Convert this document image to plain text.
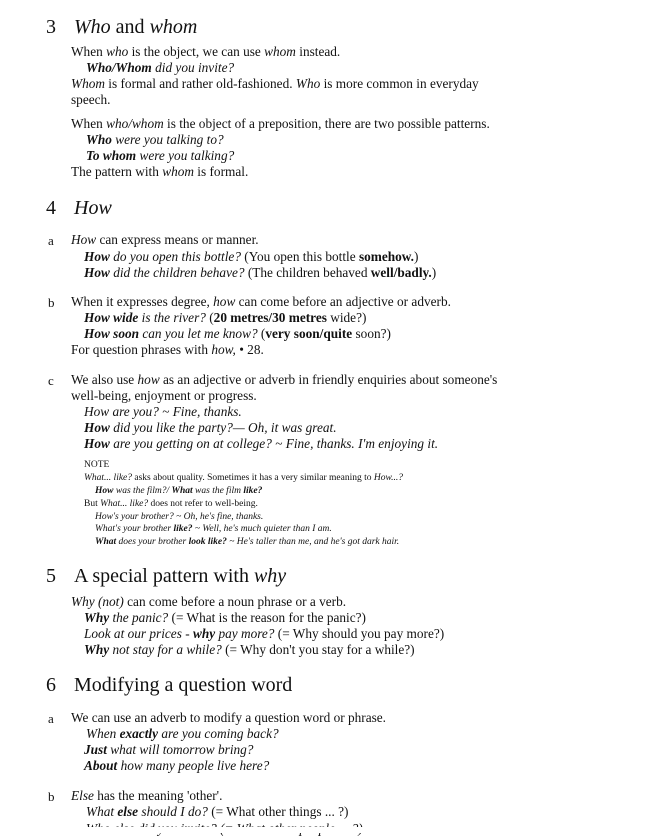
3 Who and whom
When who is the object, we can use whom instead.
Who/Whom did you invite?
Whom is formal and rather old-fashioned. Who is more common in everyday
speech.
When who/whom is the object of a preposition, there are two possible patterns.
Who were you talking to?
To whom were you talking?
The pattern with whom is formal.
4 How
a How can express means or manner.
How do you open this bottle? (You open this bottle somehow.)
How did the children behave? (The children behaved well/badly.)
b When it expresses degree, how can come before an adjective or adverb.
How wide is the river? (20 metres/30 metres wide?)
How soon can you let me know? (very soon/quite soon?)
For question phrases with how, • 28.
c We also use how as an adjective or adverb in friendly enquiries about someone's
well-being, enjoyment or progress.
How are you? ~ Fine, thanks.
How did you like the party?— Oh, it was great.
How are you getting on at college? ~ Fine, thanks. I'm enjoying it.
NOTE
What... like? asks about quality. Sometimes it has a very similar meaning to How...?
How was the film?/ What was the film like?
But What... like? does not refer to well-being.
How's your brother? ~ Oh, he's fine, thanks.
What's your brother like? ~ Well, he's much quieter than I am.
What does your brother look like? ~ He's taller than me, and he's got dark hair.
5 A special pattern with why
Why (not) can come before a noun phrase or a verb.
Why the panic? (= What is the reason for the panic?)
Look at our prices - why pay more? (= Why should you pay more?)
Why not stay for a while? (= Why don't you stay for a while?)
6 Modifying a question word
a We can use an adverb to modify a question word or phrase.
When exactly are you coming back?
Just what will tomorrow bring?
About how many people live here?
b Else has the meaning 'other'.
What else should I do? (= What other things ... ?)
